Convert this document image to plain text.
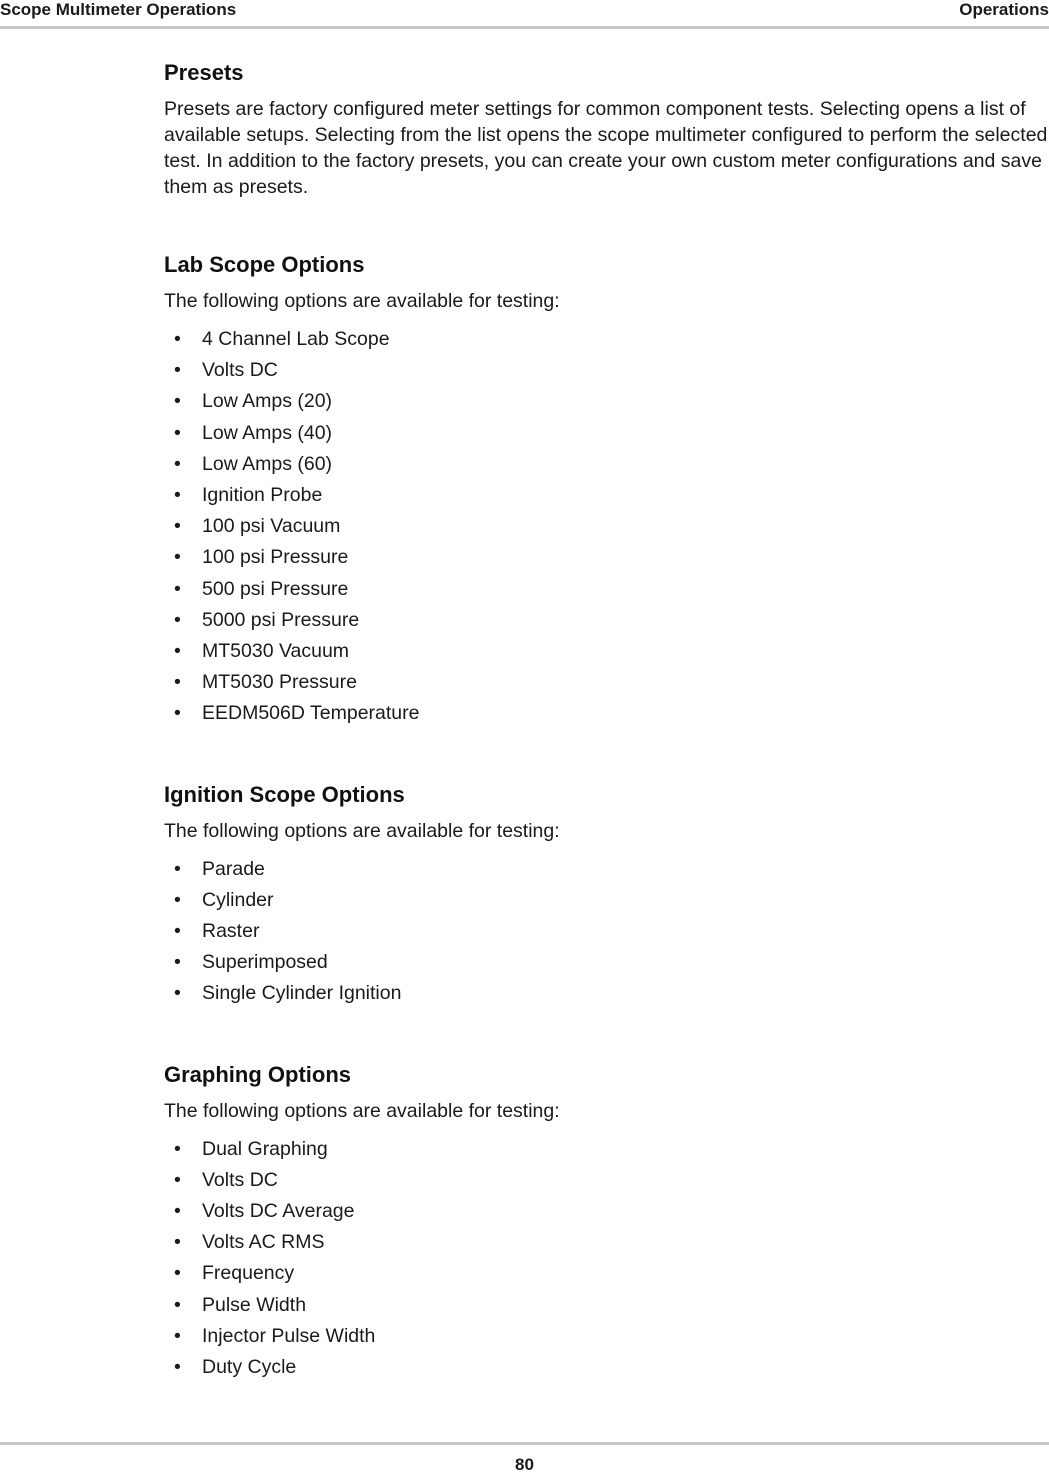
Scope Multimeter Operations	Operations
Presets

Presets are factory configured meter settings for common component tests. Selecting opens a list of available setups. Selecting from the list opens the scope multimeter configured to perform the selected test. In addition to the factory presets, you can create your own custom meter configurations and save them as presets.

Lab Scope Options

The following options are available for testing:

• 4 Channel Lab Scope
• Volts DC
• Low Amps (20)
• Low Amps (40)
• Low Amps (60)
• Ignition Probe
• 100 psi Vacuum
• 100 psi Pressure
• 500 psi Pressure
• 5000 psi Pressure
• MT5030 Vacuum
• MT5030 Pressure
• EEDM506D Temperature
Ignition Scope Options

The following options are available for testing:

• Parade
• Cylinder
• Raster
• Superimposed
• Single Cylinder Ignition
Graphing Options

The following options are available for testing:

• Dual Graphing
• Volts DC
• Volts DC Average
• Volts AC RMS
• Frequency
• Pulse Width
• Injector Pulse Width
• Duty Cycle
80
